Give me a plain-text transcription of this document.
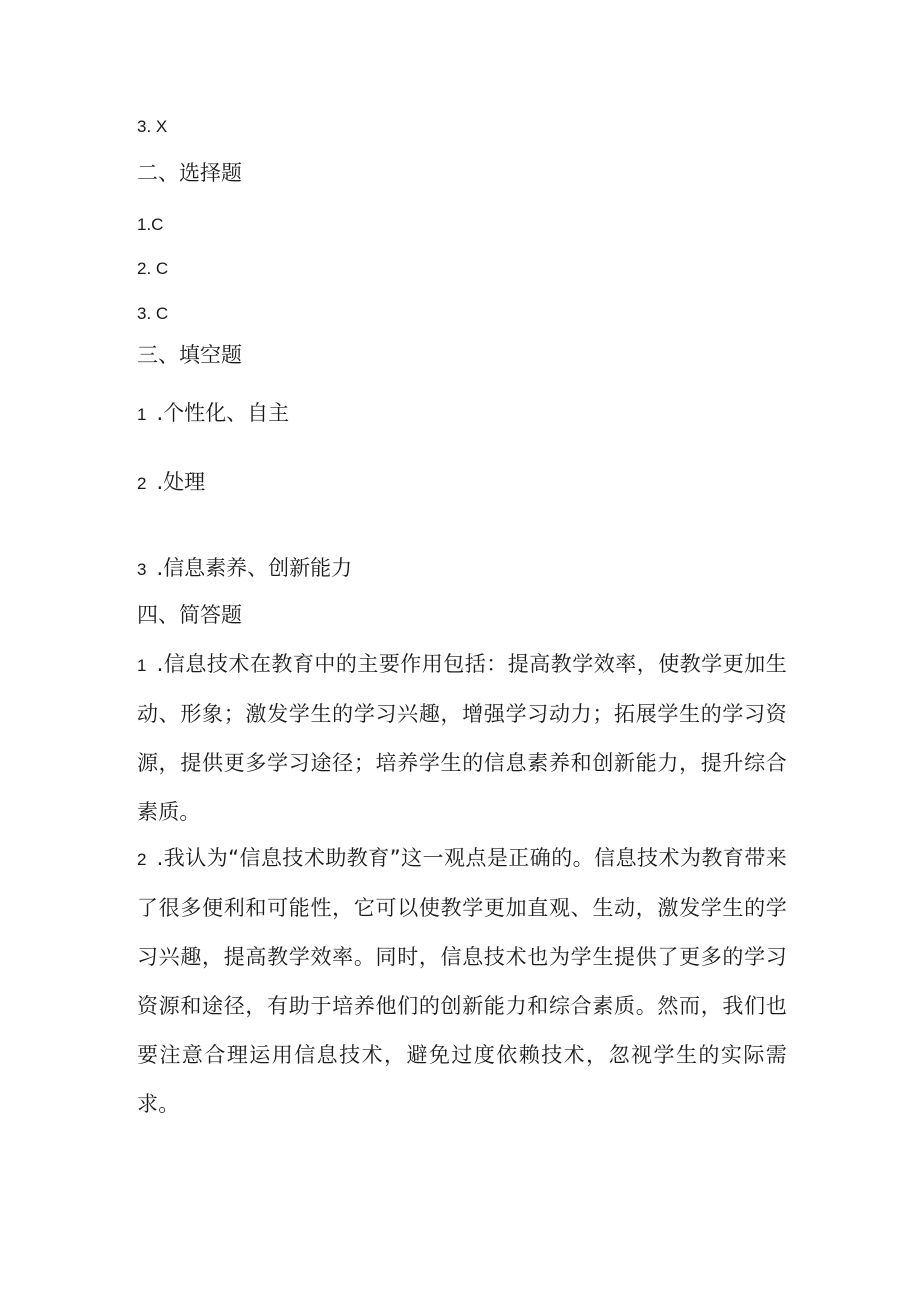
3. X
二、选择题
1.C
2. C
3. C
三、填空题
1 .个性化、自主
2 .处理
3 .信息素养、创新能力
四、简答题
1 .信息技术在教育中的主要作用包括：提高教学效率，使教学更加生动、形象；激发学生的学习兴趣，增强学习动力；拓展学生的学习资源，提供更多学习途径；培养学生的信息素养和创新能力，提升综合素质。
2 .我认为“信息技术助教育”这一观点是正确的。信息技术为教育带来了很多便利和可能性，它可以使教学更加直观、生动，激发学生的学习兴趣，提高教学效率。同时，信息技术也为学生提供了更多的学习资源和途径，有助于培养他们的创新能力和综合素质。然而，我们也要注意合理运用信息技术，避免过度依赖技术，忽视学生的实际需求。
